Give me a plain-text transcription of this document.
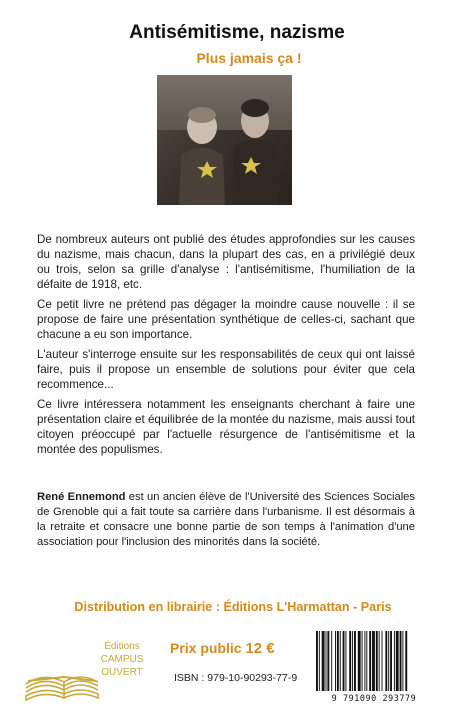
Antisémitisme, nazisme
Plus jamais ça !

De nombreux auteurs ont publié des études approfondies sur les causes du nazisme, mais chacun, dans la plupart des cas, en a privilégié deux ou trois, selon sa grille d'analyse : l'antisémitisme, l'humiliation de la défaite de 1918, etc.

Ce petit livre ne prétend pas dégager la moindre cause nouvelle : il se propose de faire une présentation synthétique de celles-ci, sachant que chacune a eu son importance.

L'auteur s'interroge ensuite sur les responsabilités de ceux qui ont laissé faire, puis il propose un ensemble de solutions pour éviter que cela recommence...

Ce livre intéressera notamment les enseignants cherchant à faire une présentation claire et équilibrée de la montée du nazisme, mais aussi tout citoyen préoccupé par l'actuelle résurgence de l'antisémitisme et la montée des populismes.

René Ennemond est un ancien élève de l'Université des Sciences Sociales de Grenoble qui a fait toute sa carrière dans l'urbanisme. Il est désormais à la retraite et consacre une bonne partie de son temps à l'animation d'une association pour l'inclusion des minorités dans la société.
Distribution en librairie : Éditions L'Harmattan - Paris
Éditions
CAMPUS
OUVERT
Prix public 12 €
ISBN : 979-10-90293-77-9
9 791090 293779
